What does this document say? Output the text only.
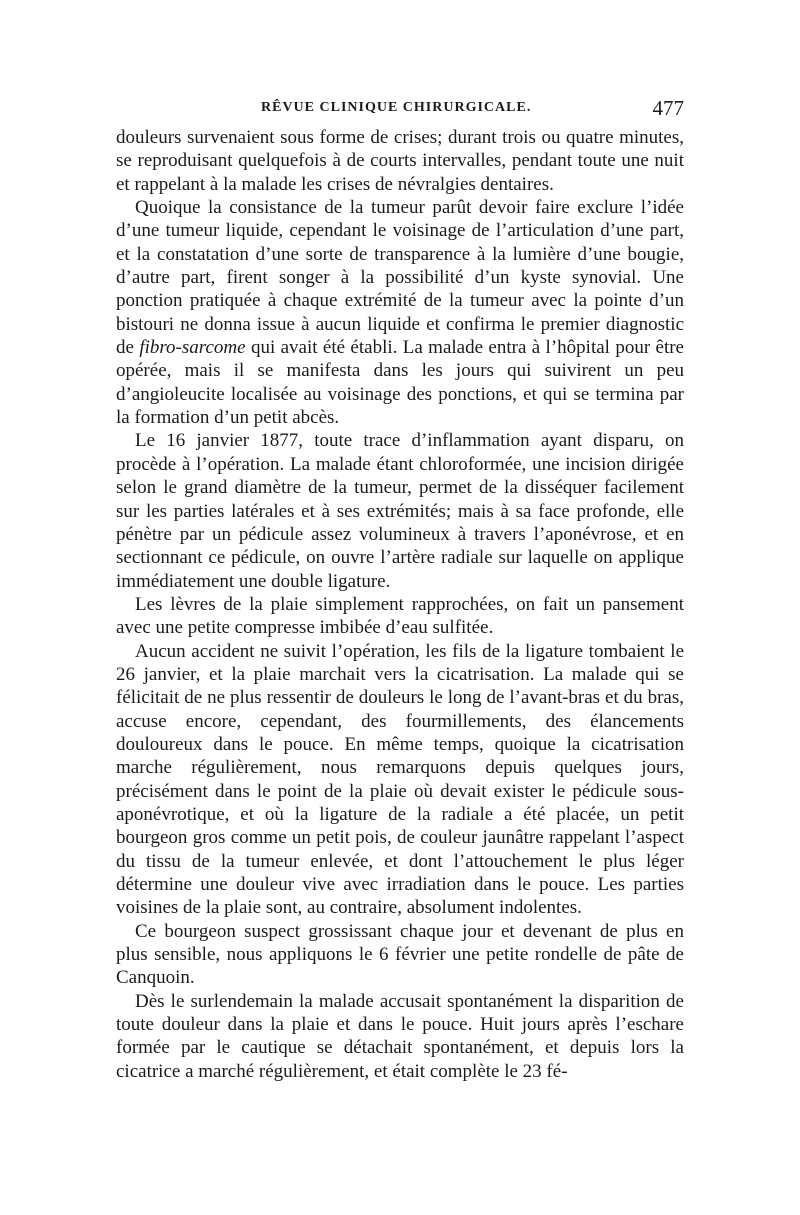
RÊVUE CLINIQUE CHIRURGICALE.	477

douleurs survenaient sous forme de crises; durant trois ou quatre minutes, se reproduisant quelquefois à de courts intervalles, pendant toute une nuit et rappelant à la malade les crises de névralgies dentaires.

Quoique la consistance de la tumeur parût devoir faire exclure l’idée d’une tumeur liquide, cependant le voisinage de l’articulation d’une part, et la constatation d’une sorte de transparence à la lumière d’une bougie, d’autre part, firent songer à la possibilité d’un kyste synovial. Une ponction pratiquée à chaque extrémité de la tumeur avec la pointe d’un bistouri ne donna issue à aucun liquide et confirma le premier diagnostic de fibro-sarcome qui avait été établi. La malade entra à l’hôpital pour être opérée, mais il se manifesta dans les jours qui suivirent un peu d’angioleucite localisée au voisinage des ponctions, et qui se termina par la formation d’un petit abcès.

Le 16 janvier 1877, toute trace d’inflammation ayant disparu, on procède à l’opération. La malade étant chloroformée, une incision dirigée selon le grand diamètre de la tumeur, permet de la disséquer facilement sur les parties latérales et à ses extrémités; mais à sa face profonde, elle pénètre par un pédicule assez volumineux à travers l’aponévrose, et en sectionnant ce pédicule, on ouvre l’artère radiale sur laquelle on applique immédiatement une double ligature.

Les lèvres de la plaie simplement rapprochées, on fait un pansement avec une petite compresse imbibée d’eau sulfitée.

Aucun accident ne suivit l’opération, les fils de la ligature tombaient le 26 janvier, et la plaie marchait vers la cicatrisation. La malade qui se félicitait de ne plus ressentir de douleurs le long de l’avant-bras et du bras, accuse encore, cependant, des fourmillements, des élancements douloureux dans le pouce. En même temps, quoique la cicatrisation marche régulièrement, nous remarquons depuis quelques jours, précisément dans le point de la plaie où devait exister le pédicule sous-aponévrotique, et où la ligature de la radiale a été placée, un petit bourgeon gros comme un petit pois, de couleur jaunâtre rappelant l’aspect du tissu de la tumeur enlevée, et dont l’attouchement le plus léger détermine une douleur vive avec irradiation dans le pouce. Les parties voisines de la plaie sont, au contraire, absolument indolentes.

Ce bourgeon suspect grossissant chaque jour et devenant de plus en plus sensible, nous appliquons le 6 février une petite rondelle de pâte de Canquoin.

Dès le surlendemain la malade accusait spontanément la disparition de toute douleur dans la plaie et dans le pouce. Huit jours après l’eschare formée par le cautique se détachait spontanément, et depuis lors la cicatrice a marché régulièrement, et était complète le 23 fé-
